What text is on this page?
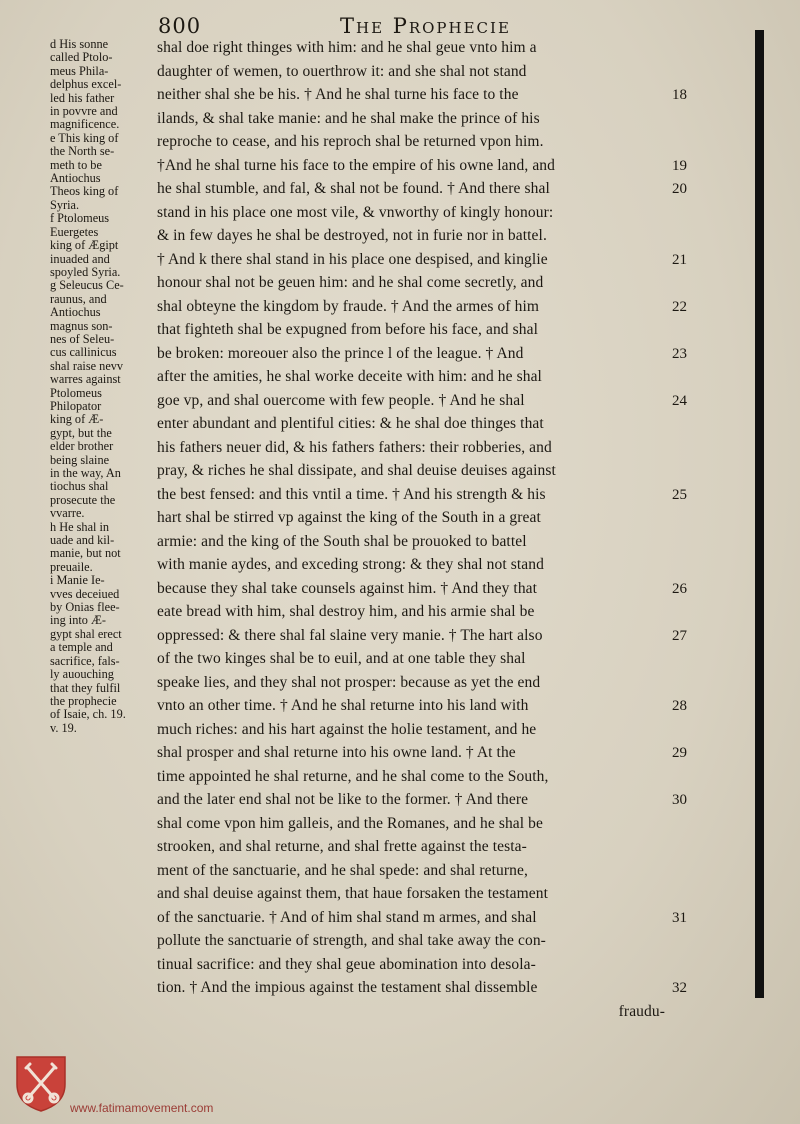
800	The Prophecie
d His sonne
called Ptolo-
meus Phila-
delphus excel-
led his father
in povvre and
magnificence.
e This king of
the North se-
meth to be
Antiochus
Theos king of
Syria.
f Ptolomeus
Euergetes
king of Ægipt
inuaded and
spoyled Syria.
g Seleucus Ce-
raunus, and
Antiochus
magnus son-
nes of Seleu-
cus callinicus
shal raise nevv
warres against
Ptolomeus
Philopator
king of Æ-
gypt, but the
elder brother
being slaine
in the way, An
tiochus shal
prosecute the
vvarre.
h He shal in
uade and kil-
manie, but not
preuaile.
i Manie Ie-
vves deceiued
by Onias flee-
ing into Æ-
gypt shal erect
a temple and
sacrifice, fals-
ly auouching
that they fulfil
the prophecie
of Isaie, ch. 19.
v. 19.
shal doe right thinges with him: and he shal geue vnto him a
daughter of wemen, to ouerthrow it: and she shal not stand
neither shal she be his. † And he shal turne his face to the
ilands, & shal take manie: and he shal make the prince of his
reproche to cease, and his reproch shal be returned vpon him.
†And he shal turne his face to the empire of his owne land, and
he shal stumble, and fal, & shal not be found. † And there shal
stand in his place one most vile, & vnworthy of kingly honour:
& in few dayes he shal be destroyed, not in furie nor in battel.
† And k there shal stand in his place one despised, and kinglie
honour shal not be geuen him: and he shal come secretly, and
shal obteyne the kingdom by fraude. † And the armes of him
that fighteth shal be expugned from before his face, and shal
be broken: moreouer also the prince l of the league. † And
after the amities, he shal worke deceite with him: and he shal
goe vp, and shal ouercome with few people. † And he shal
enter abundant and plentiful cities: & he shal doe thinges that
his fathers neuer did, & his fathers fathers: their robberies, and
pray, & riches he shal dissipate, and shal deuise deuises against
the best fensed: and this vntil a time. † And his strength & his
hart shal be stirred vp against the king of the South in a great
armie: and the king of the South shal be prouoked to battel
with manie aydes, and exceding strong: & they shal not stand
because they shal take counsels against him. † And they that
eate bread with him, shal destroy him, and his armie shal be
oppressed: & there shal fal slaine very manie. † The hart also
of the two kinges shal be to euil, and at one table they shal
speake lies, and they shal not prosper: because as yet the end
vnto an other time. † And he shal returne into his land with
much riches: and his hart against the holie testament, and he
shal prosper and shal returne into his owne land. † At the
time appointed he shal returne, and he shal come to the South,
and the later end shal not be like to the former. † And there
shal come vpon him galleis, and the Romanes, and he shal be
strooken, and shal returne, and shal frette against the testa-
ment of the sanctuarie, and he shal spede: and shal returne,
and shal deuise against them, that haue forsaken the testament
of the sanctuarie. † And of him shal stand m armes, and shal
pollute the sanctuarie of strength, and shal take away the con-
tinual sacrifice: and they shal geue abomination into desola-
tion. † And the impious against the testament shal dissemble
fraudu-
18
19
20
21
22
23
24
25
26
27
28
29
30
31
32
www.fatimamovement.com
